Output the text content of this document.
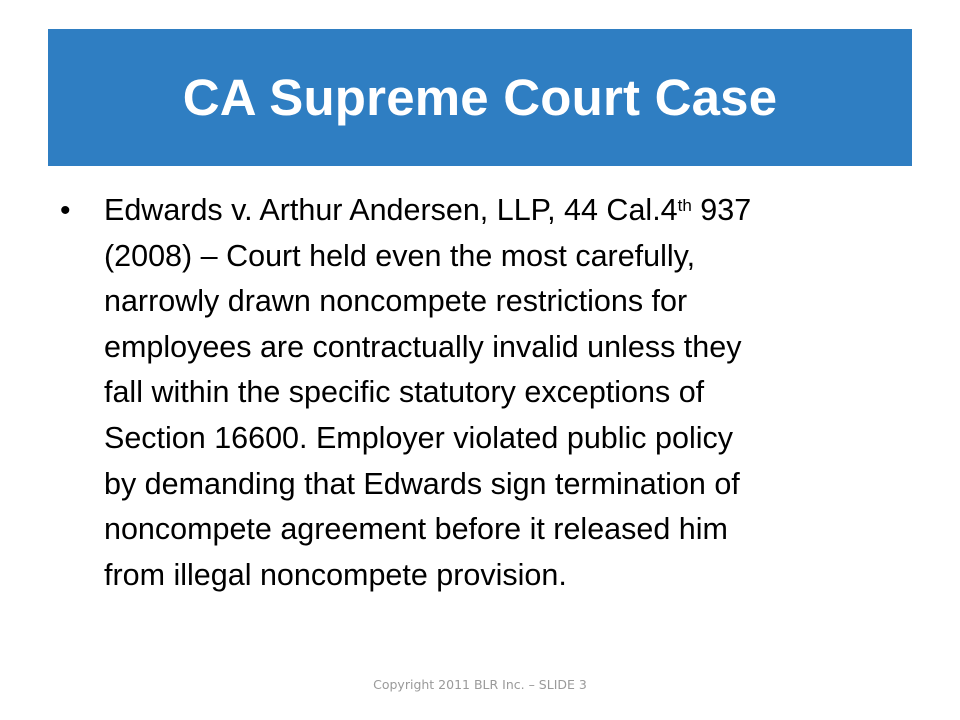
CA Supreme Court Case
• Edwards v. Arthur Andersen, LLP, 44 Cal.4th 937
(2008) – Court held even the most carefully,
narrowly drawn noncompete restrictions for
employees are contractually invalid unless they
fall within the specific statutory exceptions of
Section 16600. Employer violated public policy
by demanding that Edwards sign termination of
noncompete agreement before it released him
from illegal noncompete provision.
Copyright 2011 BLR Inc. – SLIDE 3
